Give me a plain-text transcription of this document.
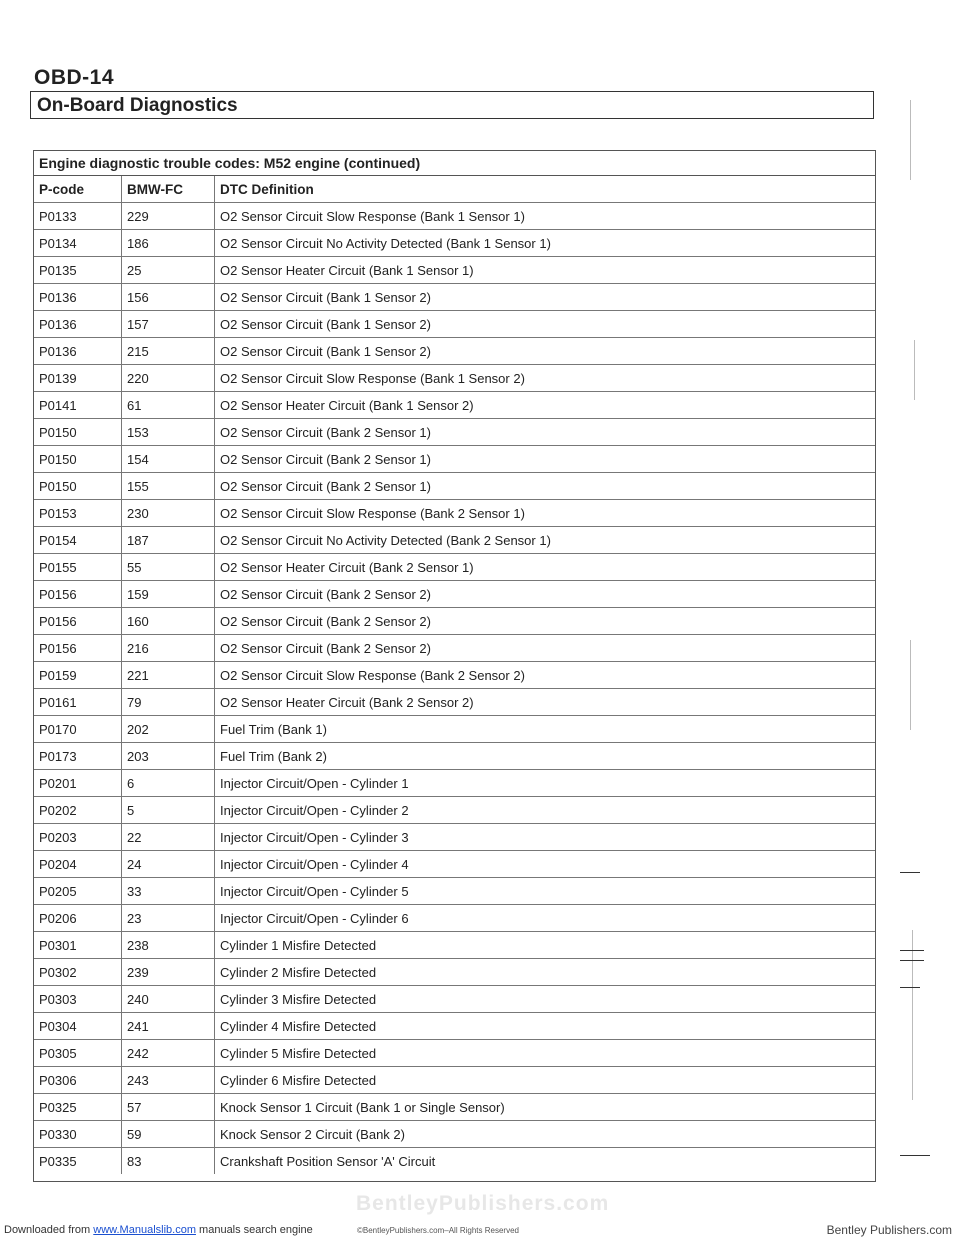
OBD-14
On-Board Diagnostics
Engine diagnostic trouble codes: M52 engine (continued)
P-code	BMW-FC	DTC Definition
P0133	229	O2 Sensor Circuit Slow Response (Bank 1 Sensor 1)
P0134	186	O2 Sensor Circuit No Activity Detected (Bank 1 Sensor 1)
P0135	25	O2 Sensor Heater Circuit (Bank 1 Sensor 1)
P0136	156	O2 Sensor Circuit (Bank 1 Sensor 2)
P0136	157	O2 Sensor Circuit (Bank 1 Sensor 2)
P0136	215	O2 Sensor Circuit (Bank 1 Sensor 2)
P0139	220	O2 Sensor Circuit Slow Response (Bank 1 Sensor 2)
P0141	61	O2 Sensor Heater Circuit (Bank 1 Sensor 2)
P0150	153	O2 Sensor Circuit (Bank 2 Sensor 1)
P0150	154	O2 Sensor Circuit (Bank 2 Sensor 1)
P0150	155	O2 Sensor Circuit (Bank 2 Sensor 1)
P0153	230	O2 Sensor Circuit Slow Response (Bank 2 Sensor 1)
P0154	187	O2 Sensor Circuit No Activity Detected (Bank 2 Sensor 1)
P0155	55	O2 Sensor Heater Circuit (Bank 2 Sensor 1)
P0156	159	O2 Sensor Circuit (Bank 2 Sensor 2)
P0156	160	O2 Sensor Circuit (Bank 2 Sensor 2)
P0156	216	O2 Sensor Circuit (Bank 2 Sensor 2)
P0159	221	O2 Sensor Circuit Slow Response (Bank 2 Sensor 2)
P0161	79	O2 Sensor Heater Circuit (Bank 2 Sensor 2)
P0170	202	Fuel Trim (Bank 1)
P0173	203	Fuel Trim (Bank 2)
P0201	6	Injector Circuit/Open - Cylinder 1
P0202	5	Injector Circuit/Open - Cylinder 2
P0203	22	Injector Circuit/Open - Cylinder 3
P0204	24	Injector Circuit/Open - Cylinder 4
P0205	33	Injector Circuit/Open - Cylinder 5
P0206	23	Injector Circuit/Open - Cylinder 6
P0301	238	Cylinder 1 Misfire Detected
P0302	239	Cylinder 2 Misfire Detected
P0303	240	Cylinder 3 Misfire Detected
P0304	241	Cylinder 4 Misfire Detected
P0305	242	Cylinder 5 Misfire Detected
P0306	243	Cylinder 6 Misfire Detected
P0325	57	Knock Sensor 1 Circuit (Bank 1 or Single Sensor)
P0330	59	Knock Sensor 2 Circuit (Bank 2)
P0335	83	Crankshaft Position Sensor 'A' Circuit
BentleyPublishers.com
Downloaded from www.Manualslib.com manuals search engine	©BentleyPublishers.com–All Rights Reserved	Bentley Publishers.com
